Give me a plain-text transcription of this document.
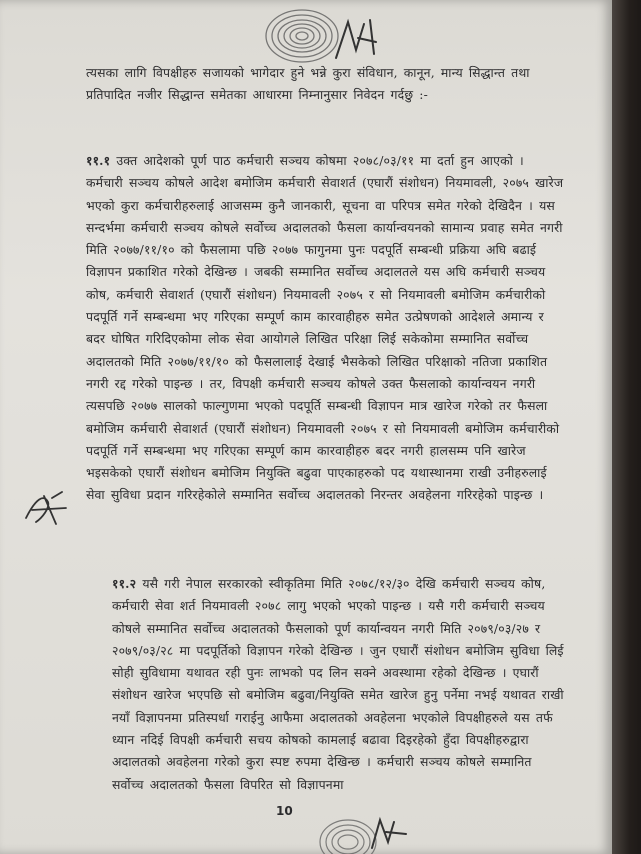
त्यसका लागि विपक्षीहरु सजायको भागेदार हुने भन्ने कुरा संविधान, कानून, मान्य सिद्धान्त तथा प्रतिपादित नजीर सिद्धान्त समेतका आधारमा निम्नानुसार निवेदन गर्दछु :-
११.१ उक्त आदेशको पूर्ण पाठ कर्मचारी सञ्चय कोषमा २०७८/०३/११ मा दर्ता हुन आएको । कर्मचारी सञ्चय कोषले आदेश बमोजिम कर्मचारी सेवाशर्त (एघारौं संशोधन) नियमावली, २०७५ खारेज भएको कुरा कर्मचारीहरुलाई आजसम्म कुनै जानकारी, सूचना वा परिपत्र समेत गरेको देखिदैन । यस सन्दर्भमा कर्मचारी सञ्चय कोषले सर्वोच्च अदालतको फैसला कार्यान्वयनको सामान्य प्रवाह समेत नगरी मिति २०७७/११/१० को फैसलामा पछि २०७७ फागुनमा पुनः पदपूर्ति सम्बन्धी प्रक्रिया अघि बढाई विज्ञापन प्रकाशित गरेको देखिन्छ । जबकी सम्मानित सर्वोच्च अदालतले यस अघि कर्मचारी सञ्चय कोष, कर्मचारी सेवाशर्त (एघारौं संशोधन) नियमावली २०७५ र सो नियमावली बमोजिम कर्मचारीको पदपूर्ति गर्ने सम्बन्धमा भए गरिएका सम्पूर्ण काम कारवाहीहरु समेत उत्प्रेषणको आदेशले अमान्य र बदर घोषित गरिदिएकोमा लोक सेवा आयोगले लिखित परिक्षा लिई सकेकोमा सम्मानित सर्वोच्च अदालतको मिति २०७७/११/१० को फैसलालाई देखाई भैसकेको लिखित परिक्षाको नतिजा प्रकाशित नगरी रद्द गरेको पाइन्छ । तर, विपक्षी कर्मचारी सञ्चय कोषले उक्त फैसलाको कार्यान्वयन नगरी त्यसपछि २०७७ सालको फाल्गुणमा भएको पदपूर्ति सम्बन्धी विज्ञापन मात्र खारेज गरेको तर फैसला बमोजिम कर्मचारी सेवाशर्त (एघारौं संशोधन) नियमावली २०७५ र सो नियमावली बमोजिम कर्मचारीको पदपूर्ति गर्ने सम्बन्धमा भए गरिएका सम्पूर्ण काम कारवाहीहरु बदर नगरी हालसम्म पनि खारेज भइसकेको एघारौं संशोधन बमोजिम नियुक्ति बढुवा पाएकाहरुको पद यथास्थानमा राखी उनीहरुलाई सेवा सुविधा प्रदान गरिरहेकोले सम्मानित सर्वोच्च अदालतको निरन्तर अवहेलना गरिरहेको पाइन्छ ।
११.२ यसै गरी नेपाल सरकारको स्वीकृतिमा मिति २०७८/१२/३० देखि कर्मचारी सञ्चय कोष, कर्मचारी सेवा शर्त नियमावली २०७८ लागु भएको भएको पाइन्छ । यसै गरी कर्मचारी सञ्चय कोषले सम्मानित सर्वोच्च अदालतको फैसलाको पूर्ण कार्यान्वयन नगरी मिति २०७९/०३/२७ र २०७९/०३/२८ मा पदपूर्तिको विज्ञापन गरेको देखिन्छ । जुन एघारौं संशोधन बमोजिम सुविधा लिई सोही सुविधामा यथावत रही पुनः लाभको पद लिन सक्ने अवस्थामा रहेको देखिन्छ । एघारौं संशोधन खारेज भएपछि सो बमोजिम बढुवा/नियुक्ति समेत खारेज हुनु पर्नेमा नभई यथावत राखी नयाँ विज्ञापनमा प्रतिस्पर्धा गराईनु आफैमा अदालतको अवहेलना भएकोले विपक्षीहरुले यस तर्फ ध्यान नदिई विपक्षी कर्मचारी सचय कोषको कामलाई बढावा दिइरहेको हुँदा विपक्षीहरुद्वारा अदालतको अवहेलना गरेको कुरा स्पष्ट रुपमा देखिन्छ । कर्मचारी सञ्चय कोषले सम्मानित सर्वोच्च अदालतको फैसला विपरित सो विज्ञापनमा
10
